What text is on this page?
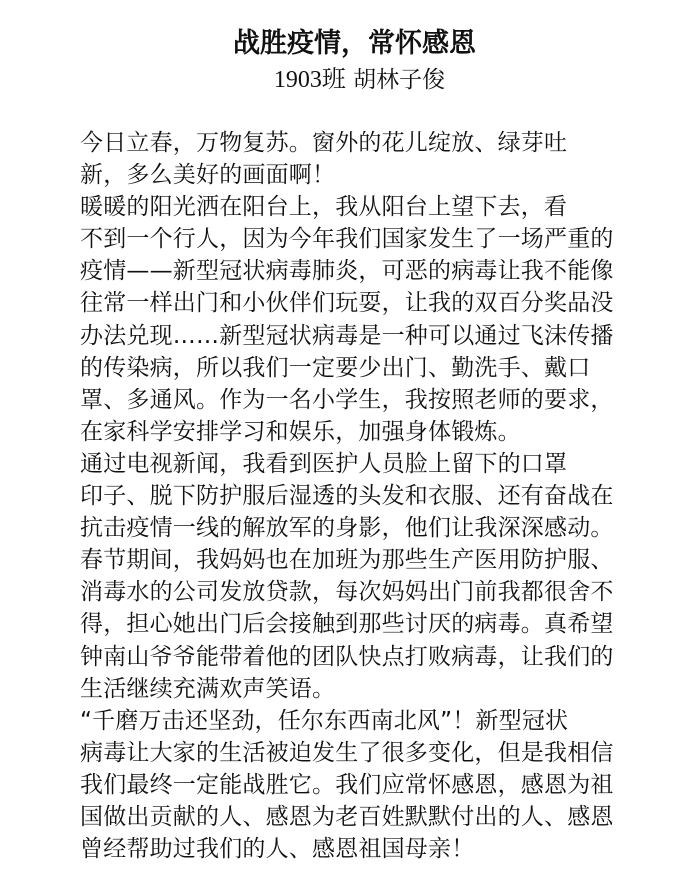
战胜疫情，常怀感恩
1903班 胡林子俊

今日立春，万物复苏。窗外的花儿绽放、绿芽吐
新，多么美好的画面啊！

暖暖的阳光洒在阳台上，我从阳台上望下去，看
不到一个行人，因为今年我们国家发生了一场严重的
疫情——新型冠状病毒肺炎，可恶的病毒让我不能像
往常一样出门和小伙伴们玩耍，让我的双百分奖品没
办法兑现……新型冠状病毒是一种可以通过飞沫传播
的传染病，所以我们一定要少出门、勤洗手、戴口
罩、多通风。作为一名小学生，我按照老师的要求，
在家科学安排学习和娱乐，加强身体锻炼。

通过电视新闻，我看到医护人员脸上留下的口罩
印子、脱下防护服后湿透的头发和衣服、还有奋战在
抗击疫情一线的解放军的身影，他们让我深深感动。
春节期间，我妈妈也在加班为那些生产医用防护服、
消毒水的公司发放贷款，每次妈妈出门前我都很舍不
得，担心她出门后会接触到那些讨厌的病毒。真希望
钟南山爷爷能带着他的团队快点打败病毒，让我们的
生活继续充满欢声笑语。

“千磨万击还坚劲，任尔东西南北风”！新型冠状
病毒让大家的生活被迫发生了很多变化，但是我相信
我们最终一定能战胜它。我们应常怀感恩，感恩为祖
国做出贡献的人、感恩为老百姓默默付出的人、感恩
曾经帮助过我们的人、感恩祖国母亲！
